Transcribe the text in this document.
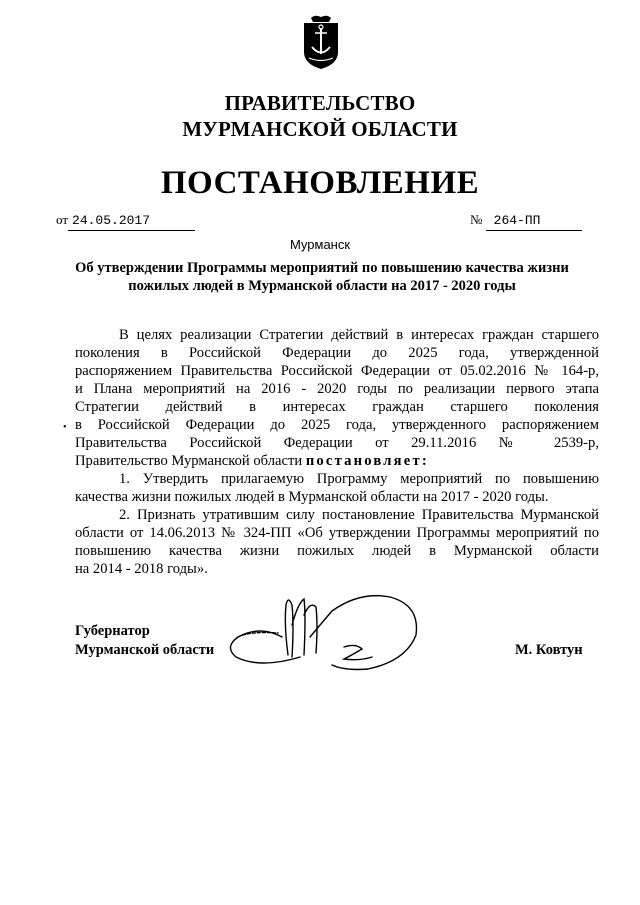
ПРАВИТЕЛЬСТВО
МУРМАНСКОЙ ОБЛАСТИ
ПОСТАНОВЛЕНИЕ
от 24.05.2017	№ 264-ПП
Мурманск
Об утверждении Программы мероприятий по повышению качества жизни
пожилых людей в Мурманской области на 2017 - 2020 годы
•

В целях реализации Стратегии действий в интересах граждан старшего

поколения в Российской Федерации до 2025 года, утвержденной

распоряжением Правительства Российской Федерации от 05.02.2016 № 164-р,

и Плана мероприятий на 2016 - 2020 годы по реализации первого этапа

Стратегии действий в интересах граждан старшего поколения

в Российской Федерации до 2025 года, утвержденного распоряжением

Правительства Российской Федерации от 29.11.2016 № 2539-р,

Правительство Мурманской области постановляет:

1. Утвердить прилагаемую Программу мероприятий по повышению

качества жизни пожилых людей в Мурманской области на 2017 - 2020 годы.

2. Признать утратившим силу постановление Правительства Мурманской

области от 14.06.2013 № 324-ПП «Об утверждении Программы мероприятий по

повышению качества жизни пожилых людей в Мурманской области

на 2014 - 2018 годы».

Губернатор
Мурманской области	М. Ковтун
